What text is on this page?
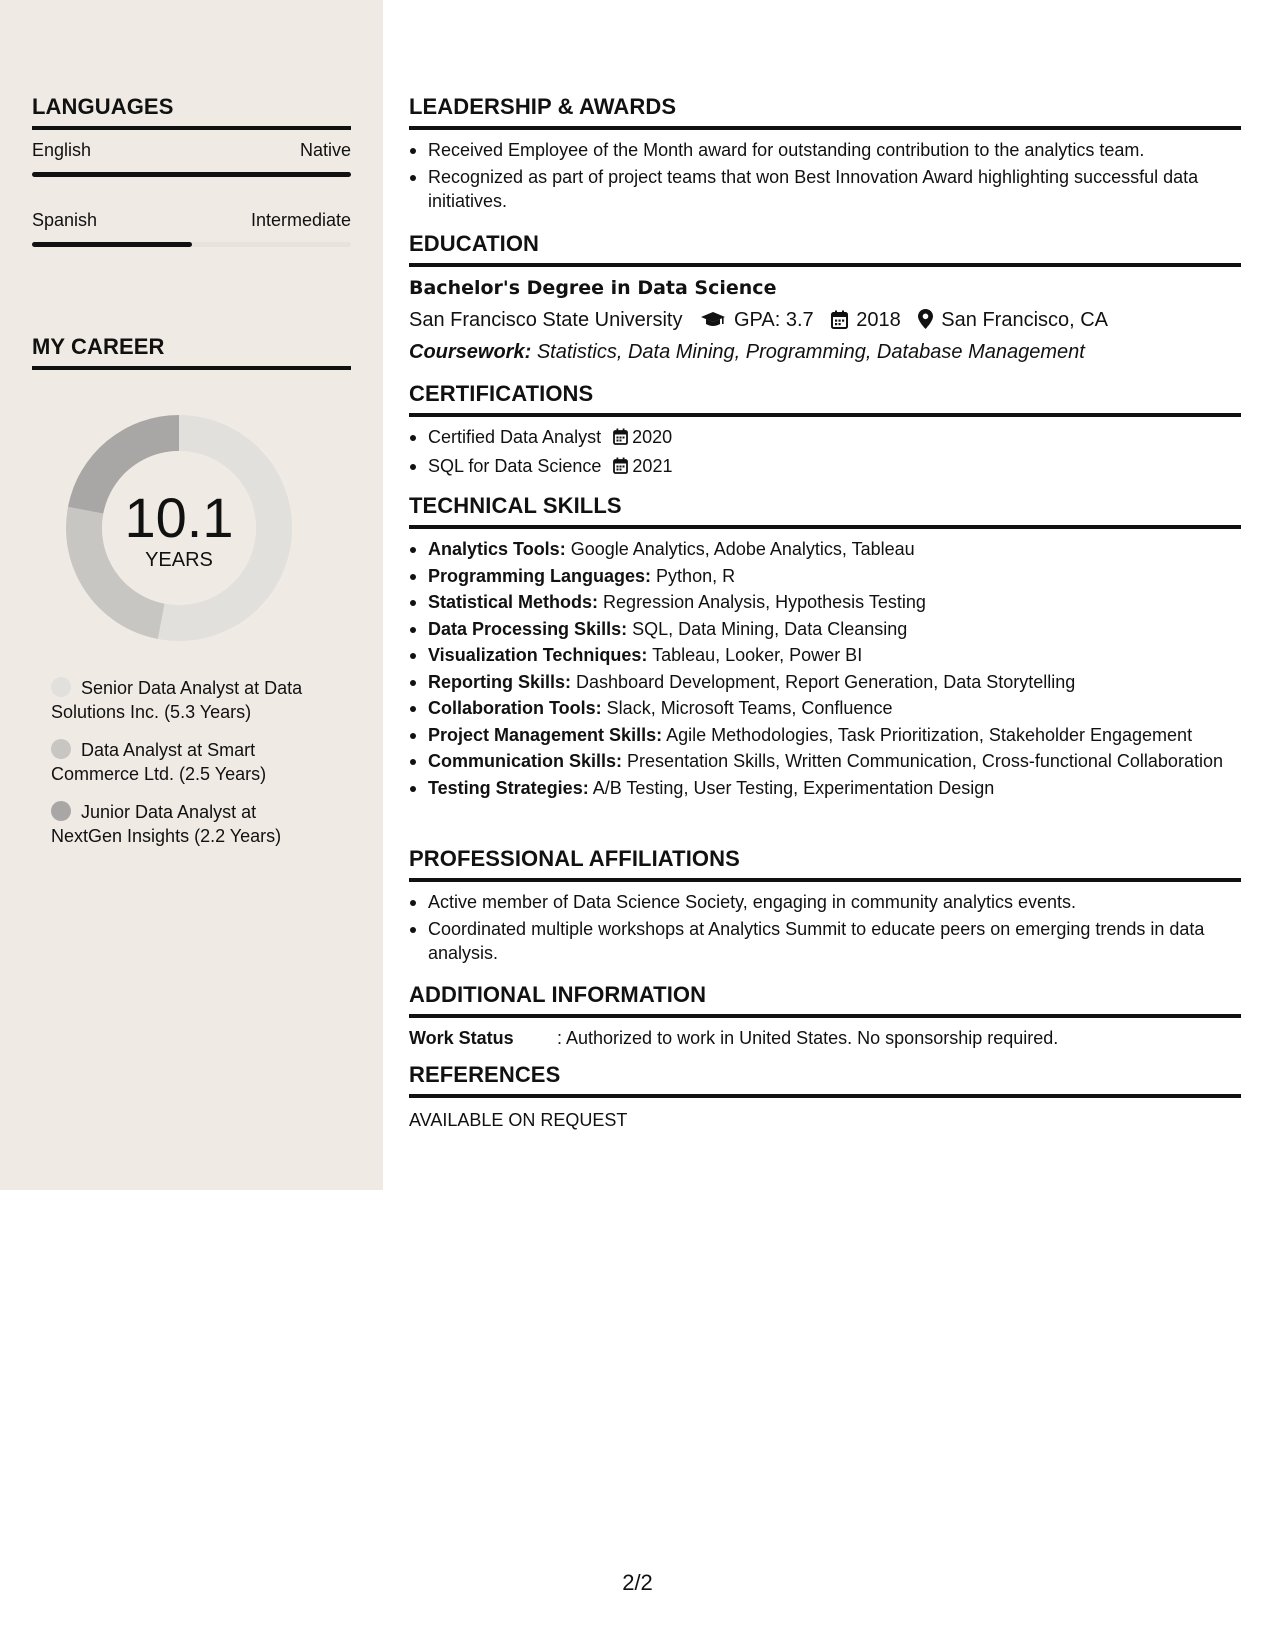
LANGUAGES
English	Native
Spanish	Intermediate
MY CAREER
10.1
YEARS
Senior Data Analyst at Data Solutions Inc. (5.3 Years)
Data Analyst at Smart Commerce Ltd. (2.5 Years)
Junior Data Analyst at NextGen Insights (2.2 Years)
LEADERSHIP & AWARDS
Received Employee of the Month award for outstanding contribution to the analytics team.
Recognized as part of project teams that won Best Innovation Award highlighting successful data initiatives.
EDUCATION
Bachelor's Degree in Data Science
San Francisco State University	GPA: 3.7 2018 San Francisco, CA
Coursework: Statistics, Data Mining, Programming, Database Management
CERTIFICATIONS
Certified Data Analyst 2020
SQL for Data Science 2021
TECHNICAL SKILLS
Analytics Tools: Google Analytics, Adobe Analytics, Tableau
Programming Languages: Python, R
Statistical Methods: Regression Analysis, Hypothesis Testing
Data Processing Skills: SQL, Data Mining, Data Cleansing
Visualization Techniques: Tableau, Looker, Power BI
Reporting Skills: Dashboard Development, Report Generation, Data Storytelling
Collaboration Tools: Slack, Microsoft Teams, Confluence
Project Management Skills: Agile Methodologies, Task Prioritization, Stakeholder Engagement
Communication Skills: Presentation Skills, Written Communication, Cross-functional Collaboration
Testing Strategies: A/B Testing, User Testing, Experimentation Design
PROFESSIONAL AFFILIATIONS
Active member of Data Science Society, engaging in community analytics events.
Coordinated multiple workshops at Analytics Summit to educate peers on emerging trends in data analysis.
ADDITIONAL INFORMATION
Work Status : Authorized to work in United States. No sponsorship required.
REFERENCES
AVAILABLE ON REQUEST
2/2
